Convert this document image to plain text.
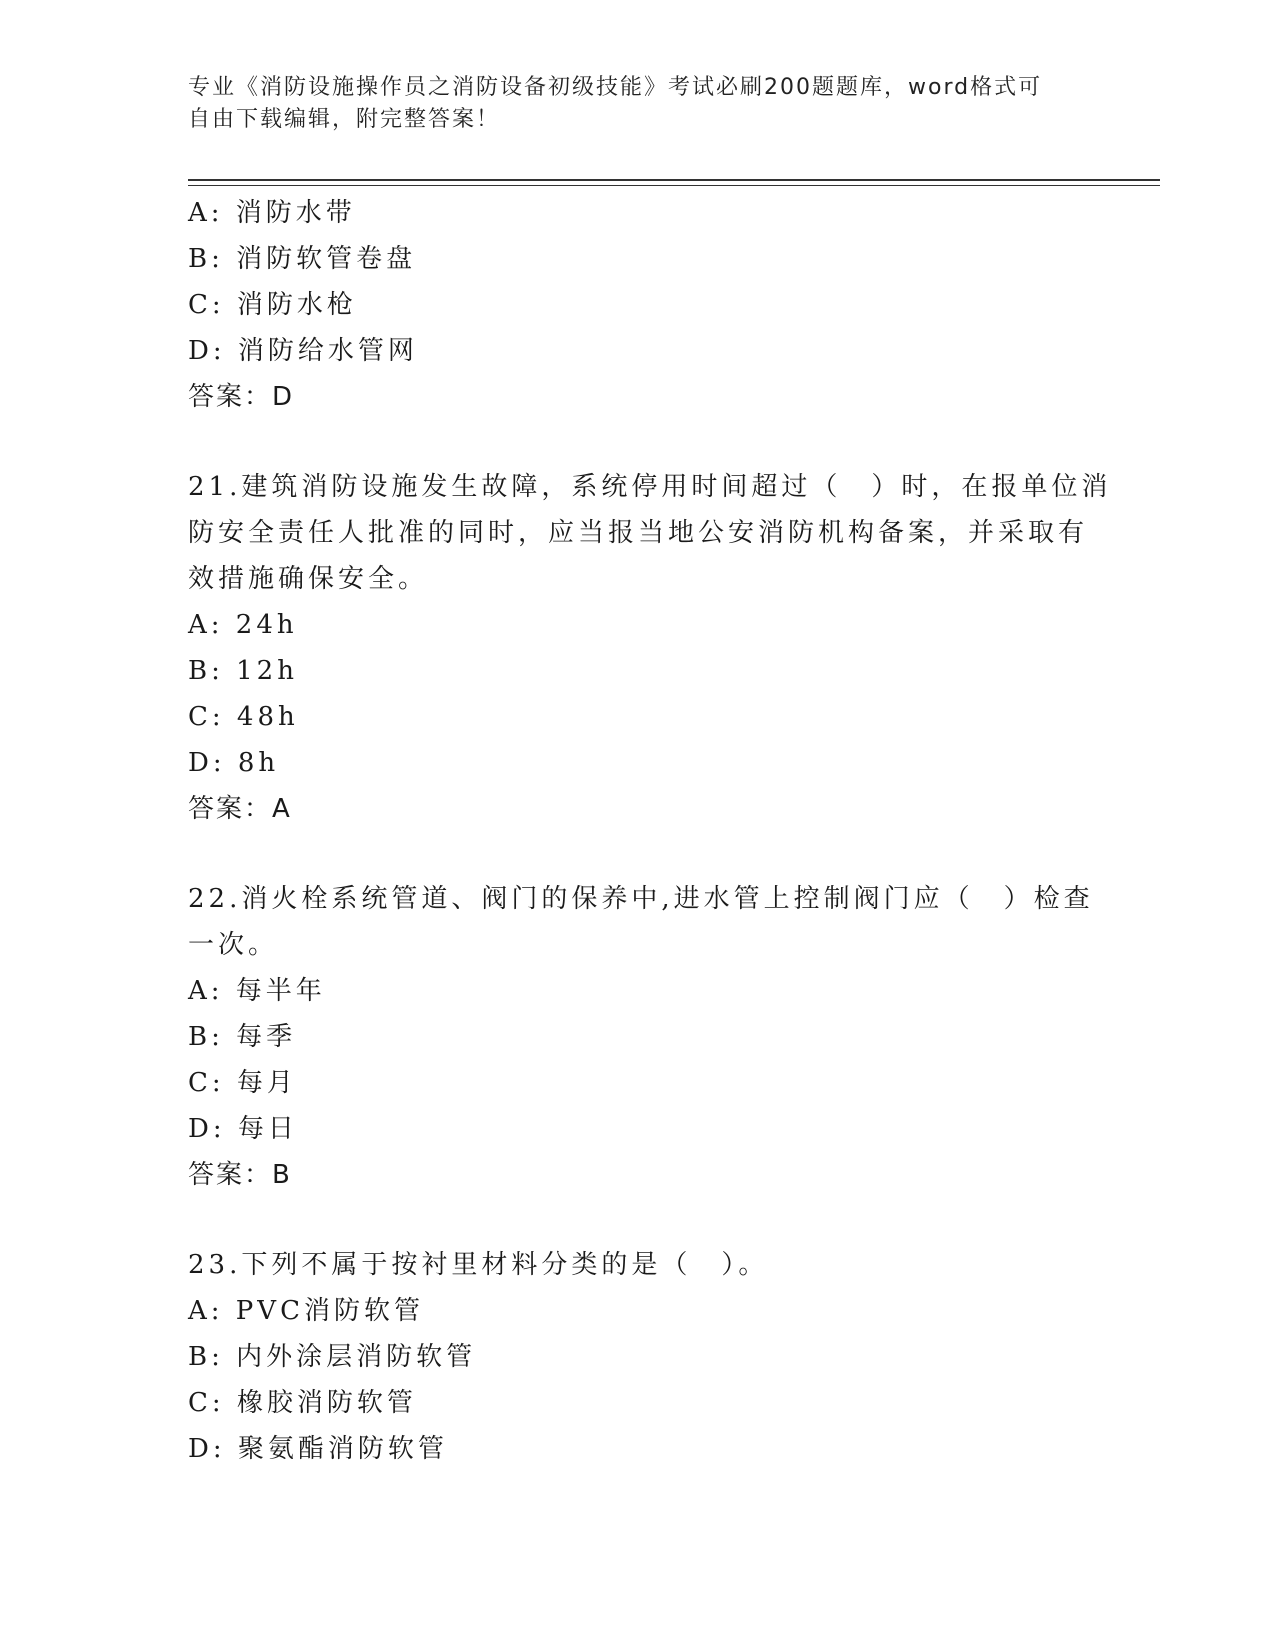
专业《消防设施操作员之消防设备初级技能》考试必刷200题题库，word格式可
自由下载编辑，附完整答案！
A: 消防水带
B: 消防软管卷盘
C: 消防水枪
D: 消防给水管网
答案：D
21.建筑消防设施发生故障，系统停用时间超过（　）时，在报单位消
防安全责任人批准的同时，应当报当地公安消防机构备案，并采取有
效措施确保安全。
A: 24h
B: 12h
C: 48h
D: 8h
答案：A
22.消火栓系统管道、阀门的保养中,进水管上控制阀门应（　）检查
一次。
A: 每半年
B: 每季
C: 每月
D: 每日
答案：B
23.下列不属于按衬里材料分类的是（　）。
A: PVC消防软管
B: 内外涂层消防软管
C: 橡胶消防软管
D: 聚氨酯消防软管
